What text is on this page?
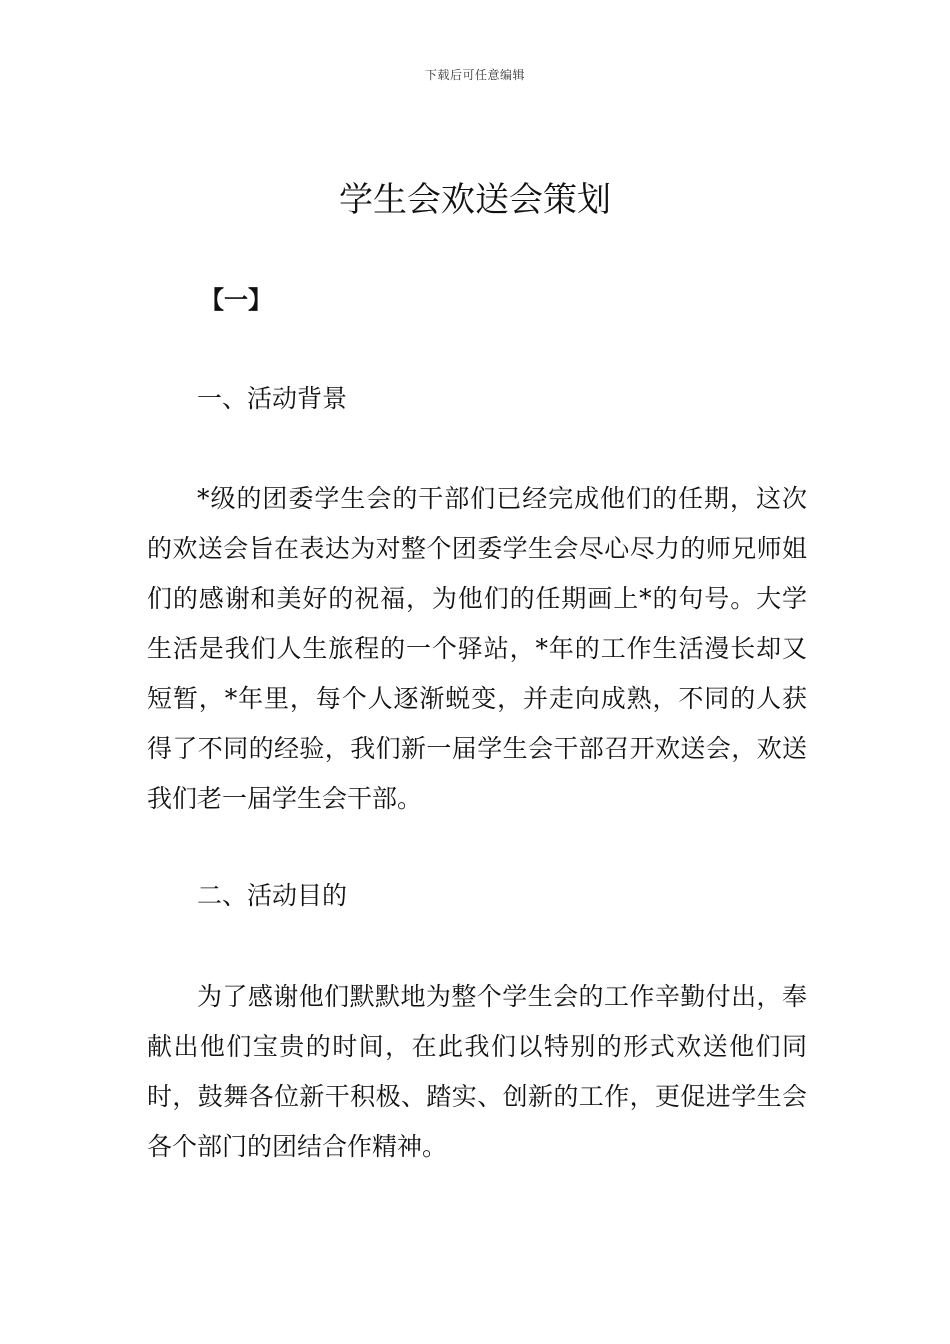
下载后可任意编辑
学生会欢送会策划
【一】
一、活动背景

*级的团委学生会的干部们已经完成他们的任期，这次的欢送会旨在表达为对整个团委学生会尽心尽力的师兄师姐们的感谢和美好的祝福，为他们的任期画上*的句号。大学生活是我们人生旅程的一个驿站，*年的工作生活漫长却又短暂，*年里，每个人逐渐蜕变，并走向成熟，不同的人获得了不同的经验，我们新一届学生会干部召开欢送会，欢送我们老一届学生会干部。

二、活动目的

为了感谢他们默默地为整个学生会的工作辛勤付出，奉献出他们宝贵的时间，在此我们以特别的形式欢送他们同时，鼓舞各位新干积极、踏实、创新的工作，更促进学生会各个部门的团结合作精神。
